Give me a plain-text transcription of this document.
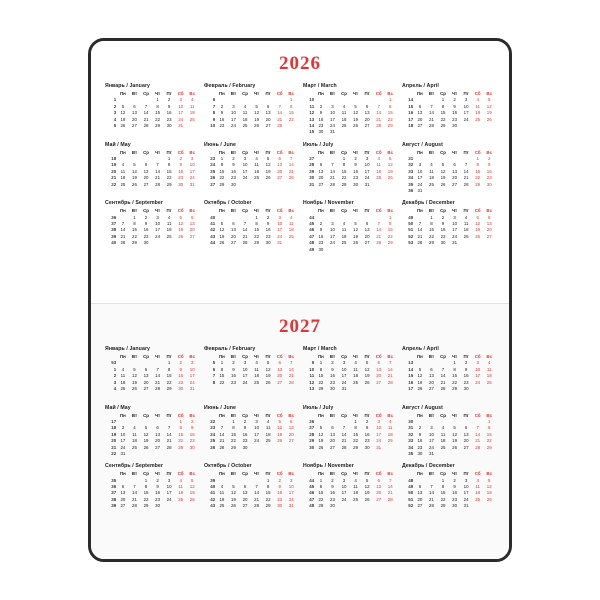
2026
Январь / January
	Пн	Вт	Ср	Чт	Пт	Сб	Вс
1				1	2	3	4
2	5	6	7	8	9	10	11
3	12	13	14	15	16	17	18
4	19	20	21	22	23	24	25
5	26	27	28	29	30	31	

Февраль / February
	Пн	Вт	Ср	Чт	Пт	Сб	Вс
6							1
7	2	3	4	5	6	7	8
8	9	10	11	12	13	14	15
9	16	17	18	19	20	21	22
10	23	24	25	26	27	28	

Март / March
	Пн	Вт	Ср	Чт	Пт	Сб	Вс
10							1
11	2	3	4	5	6	7	8
12	9	10	11	12	13	14	15
13	16	17	18	19	20	21	22
14	23	24	25	26	27	28	29
15	30	31					
Апрель / April
	Пн	Вт	Ср	Чт	Пт	Сб	Вс
14			1	2	3	4	5
15	6	7	8	9	10	11	12
16	13	14	15	16	17	18	19
17	20	21	22	23	24	25	26
18	27	28	29	30			

Май / May
	Пн	Вт	Ср	Чт	Пт	Сб	Вс
18					1	2	3
19	4	5	6	7	8	9	10
20	11	12	13	14	15	16	17
21	18	19	20	21	22	23	24
22	25	26	27	28	29	30	31

Июнь / June
	Пн	Вт	Ср	Чт	Пт	Сб	Вс
23	1	2	3	4	5	6	7
24	8	9	10	11	12	13	14
25	15	16	17	18	19	20	21
26	22	23	24	25	26	27	28
27	29	30					

Июль / July
	Пн	Вт	Ср	Чт	Пт	Сб	Вс
27			1	2	3	4	5
28	6	7	8	9	10	11	12
29	13	14	15	16	17	18	19
30	20	21	22	23	24	25	26
31	27	28	29	30	31		

Август / August
	Пн	Вт	Ср	Чт	Пт	Сб	Вс
31						1	2
32	3	4	5	6	7	8	9
33	10	11	12	13	14	15	16
34	17	18	19	20	21	22	23
35	24	25	26	27	28	29	30
36	31						
Сентябрь / September
	Пн	Вт	Ср	Чт	Пт	Сб	Вс
36		1	2	3	4	5	6
37	7	8	9	10	11	12	13
38	14	15	16	17	18	19	20
39	21	22	23	24	25	26	27
40	28	29	30				

Октябрь / October
	Пн	Вт	Ср	Чт	Пт	Сб	Вс
40				1	2	3	4
41	5	6	7	8	9	10	11
42	12	13	14	15	16	17	18
43	19	20	21	22	23	24	25
44	26	27	28	29	30	31	

Ноябрь / November
	Пн	Вт	Ср	Чт	Пт	Сб	Вс
44							1
45	2	3	4	5	6	7	8
46	9	10	11	12	13	14	15
47	16	17	18	19	20	21	22
48	23	24	25	26	27	28	29
49	30						
Декабрь / December
	Пн	Вт	Ср	Чт	Пт	Сб	Вс
49		1	2	3	4	5	6
50	7	8	9	10	11	12	13
51	14	15	16	17	18	19	20
52	21	22	23	24	25	26	27
53	28	29	30	31			

2027
Январь / January
	Пн	Вт	Ср	Чт	Пт	Сб	Вс
53					1	2	3
1	4	5	6	7	8	9	10
2	11	12	13	14	15	16	17
3	18	19	20	21	22	23	24
4	25	26	27	28	29	30	31

Февраль / February
	Пн	Вт	Ср	Чт	Пт	Сб	Вс
5	1	2	3	4	5	6	7
6	8	9	10	11	12	13	14
7	15	16	17	18	19	20	21
8	22	23	24	25	26	27	28

Март / March
	Пн	Вт	Ср	Чт	Пт	Сб	Вс
9	1	2	3	4	5	6	7
10	8	9	10	11	12	13	14
11	15	16	17	18	19	20	21
12	22	23	24	25	26	27	28
13	29	30	31				

Апрель / April
	Пн	Вт	Ср	Чт	Пт	Сб	Вс
13				1	2	3	4
14	5	6	7	8	9	10	11
15	12	13	14	15	16	17	18
16	19	20	21	22	23	24	25
17	26	27	28	29	30		

Май / May
	Пн	Вт	Ср	Чт	Пт	Сб	Вс
17						1	2
18	3	4	5	6	7	8	9
19	10	11	12	13	14	15	16
20	17	18	19	20	21	22	23
21	24	25	26	27	28	29	30
22	31						
Июнь / June
	Пн	Вт	Ср	Чт	Пт	Сб	Вс
22		1	2	3	4	5	6
23	7	8	9	10	11	12	13
24	14	15	16	17	18	19	20
25	21	22	23	24	25	26	27
26	28	29	30				

Июль / July
	Пн	Вт	Ср	Чт	Пт	Сб	Вс
26				1	2	3	4
27	5	6	7	8	9	10	11
28	12	13	14	15	16	17	18
29	19	20	21	22	23	24	25
30	26	27	28	29	30	31	

Август / August
	Пн	Вт	Ср	Чт	Пт	Сб	Вс
30							1
31	2	3	4	5	6	7	8
32	9	10	11	12	13	14	15
33	16	17	18	19	20	21	22
34	23	24	25	26	27	28	29
35	30	31					
Сентябрь / September
	Пн	Вт	Ср	Чт	Пт	Сб	Вс
35			1	2	3	4	5
36	6	7	8	9	10	11	12
37	13	14	15	16	17	18	19
38	20	21	22	23	24	25	26
39	27	28	29	30			

Октябрь / October
	Пн	Вт	Ср	Чт	Пт	Сб	Вс
39					1	2	3
40	4	5	6	7	8	9	10
41	11	12	13	14	15	16	17
42	18	19	20	21	22	23	24
43	25	26	27	28	29	30	31

Ноябрь / November
	Пн	Вт	Ср	Чт	Пт	Сб	Вс
44	1	2	3	4	5	6	7
45	8	9	10	11	12	13	14
46	15	16	17	18	19	20	21
47	22	23	24	25	26	27	28
48	29	30					

Декабрь / December
	Пн	Вт	Ср	Чт	Пт	Сб	Вс
48			1	2	3	4	5
49	6	7	8	9	10	11	12
50	13	14	15	16	17	18	19
51	20	21	22	23	24	25	26
52	27	28	29	30	31		
